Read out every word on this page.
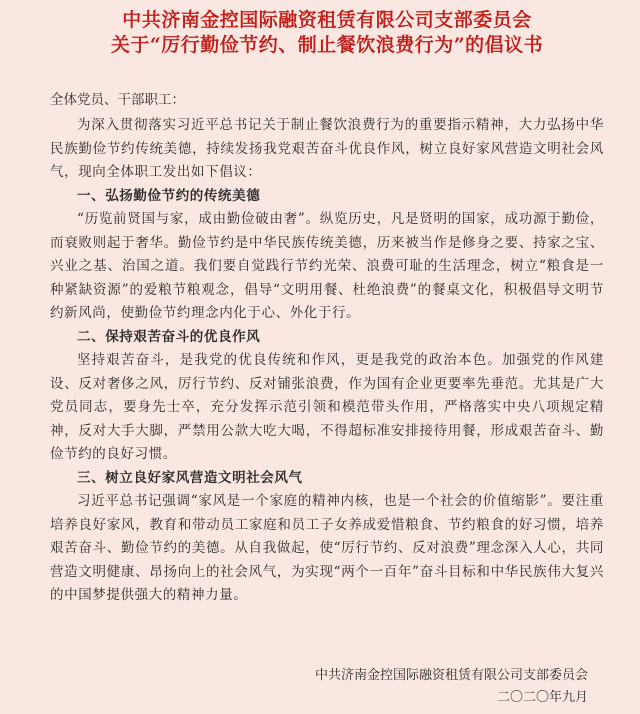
中共济南金控国际融资租赁有限公司支部委员会
关于“厉行勤俭节约、制止餐饮浪费行为”的倡议书
全体党员、干部职工：

为深入贯彻落实习近平总书记关于制止餐饮浪费行为的重要指示精神，大力弘扬中华民族勤俭节约传统美德，持续发扬我党艰苦奋斗优良作风，树立良好家风营造文明社会风气，现向全体职工发出如下倡议：

一、弘扬勤俭节约的传统美德

“历览前贤国与家，成由勤俭破由奢”。纵览历史，凡是贤明的国家，成功源于勤俭，而衰败则起于奢华。勤俭节约是中华民族传统美德，历来被当作是修身之要、持家之宝、兴业之基、治国之道。我们要自觉践行节约光荣、浪费可耻的生活理念，树立“粮食是一种紧缺资源”的爱粮节粮观念，倡导“文明用餐、杜绝浪费”的餐桌文化，积极倡导文明节约新风尚，使勤俭节约理念内化于心、外化于行。

二、保持艰苦奋斗的优良作风

坚持艰苦奋斗，是我党的优良传统和作风，更是我党的政治本色。加强党的作风建设、反对奢侈之风，厉行节约、反对铺张浪费，作为国有企业更要率先垂范。尤其是广大党员同志，要身先士卒，充分发挥示范引领和模范带头作用，严格落实中央八项规定精神，反对大手大脚，严禁用公款大吃大喝，不得超标准安排接待用餐，形成艰苦奋斗、勤俭节约的良好习惯。

三、树立良好家风营造文明社会风气

习近平总书记强调“家风是一个家庭的精神内核，也是一个社会的价值缩影”。要注重培养良好家风，教育和带动员工家庭和员工子女养成爱惜粮食、节约粮食的好习惯，培养艰苦奋斗、勤俭节约的美德。从自我做起，使“厉行节约、反对浪费”理念深入人心，共同营造文明健康、昂扬向上的社会风气，为实现“两个一百年”奋斗目标和中华民族伟大复兴的中国梦提供强大的精神力量。

中共济南金控国际融资租赁有限公司支部委员会
二〇二〇年九月
